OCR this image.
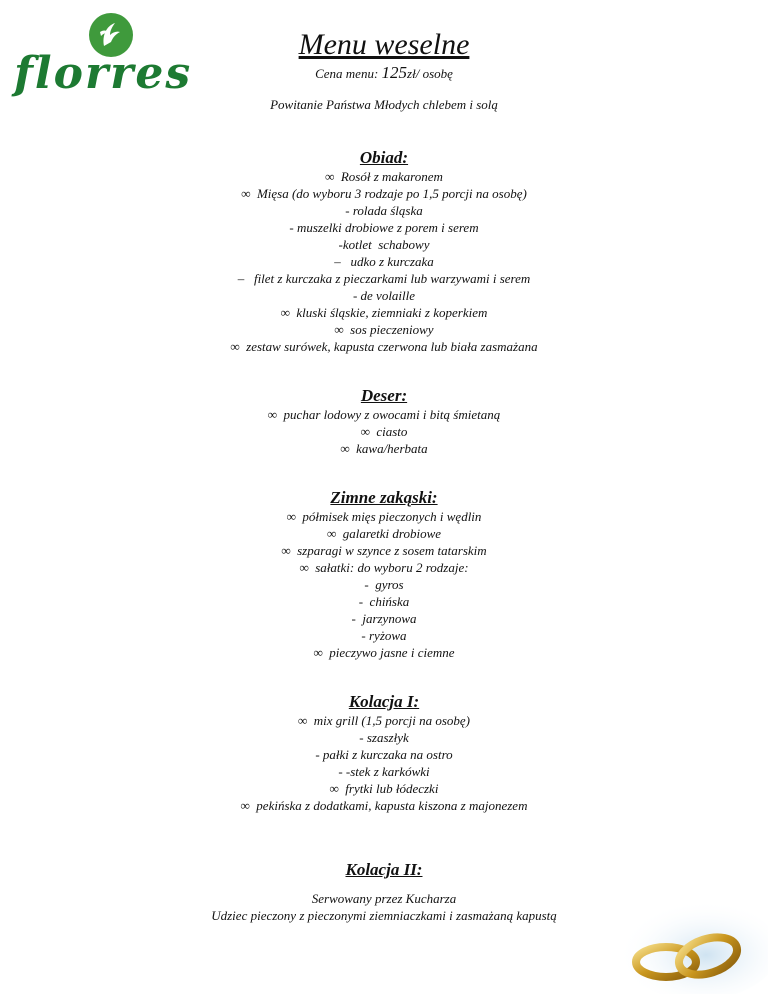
florres
Menu weselne
Cena menu: 125zł/ osobę
Powitanie Państwa Młodych chlebem i solą
Obiad:
∞  Rosół z makaronem
∞  Mięsa (do wyboru 3 rodzaje po 1,5 porcji na osobę)
- rolada śląska
- muszelki drobiowe z porem i serem
-kotlet  schabowy
–   udko z kurczaka
–   filet z kurczaka z pieczarkami lub warzywami i serem
- de volaille
∞  kluski śląskie, ziemniaki z koperkiem
∞  sos pieczeniowy
∞  zestaw surówek, kapusta czerwona lub biała zasmażana
Deser:
∞  puchar lodowy z owocami i bitą śmietaną
∞  ciasto
∞  kawa/herbata
Zimne zakąski:
∞  półmisek mięs pieczonych i wędlin
∞  galaretki drobiowe
∞  szparagi w szynce z sosem tatarskim
∞  sałatki: do wyboru 2 rodzaje:
-  gyros
-  chińska
-  jarzynowa
- ryżowa
∞  pieczywo jasne i ciemne
Kolacja I:
∞  mix grill (1,5 porcji na osobę)
- szaszłyk
- pałki z kurczaka na ostro
- -stek z karkówki
∞  frytki lub łódeczki
∞  pekińska z dodatkami, kapusta kiszona z majonezem
Kolacja II:
Serwowany przez Kucharza
Udziec pieczony z pieczonymi ziemniaczkami i zasmażaną kapustą
